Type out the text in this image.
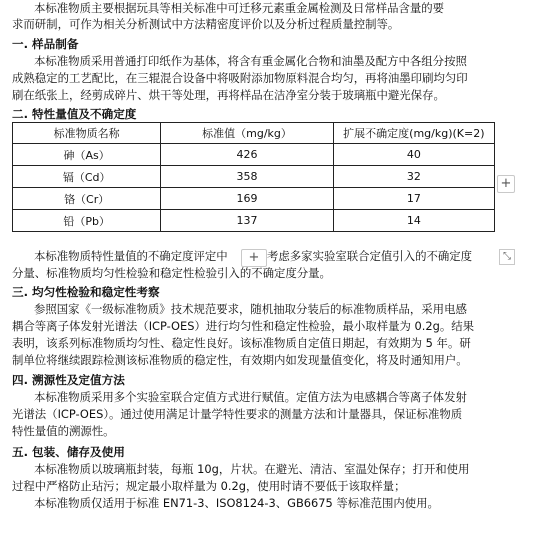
本标准物质主要根据玩具等相关标准中可迁移元素重金属检测及日常样品含量的要
求而研制，可作为相关分析测试中方法精密度评价以及分析过程质量控制等。
一. 样品制备
本标准物质采用普通打印纸作为基体，将含有重金属化合物和油墨及配方中各组分按照
成熟稳定的工艺配比，在三辊混合设备中将吸附添加物原料混合均匀，再将油墨印刷均匀印
刷在纸张上，经剪成碎片、烘干等处理，再将样品在洁净室分装于玻璃瓶中避光保存。
二. 特性量值及不确定度
标准物质名称	标准值（mg/kg）	扩展不确定度(mg/kg)(K=2)
砷（As）	426	40
镉（Cd）	358	32
铬（Cr）	169	17
铅（Pb）	137	14
+
本标准物质特性量值的不确定度评定中	+ 考虑多家实验室联合定值引入的不确定度	⤡
分量、标准物质均匀性检验和稳定性检验引入的不确定度分量。
三. 均匀性检验和稳定性考察
参照国家《一级标准物质》技术规范要求，随机抽取分装后的标准物质样品，采用电感
耦合等离子体发射光谱法（ICP-OES）进行均匀性和稳定性检验，最小取样量为 0.2g。结果
表明，该系列标准物质均匀性、稳定性良好。该标准物质自定值日期起，有效期为 5 年。研
制单位将继续跟踪检测该标准物质的稳定性，有效期内如发现量值变化，将及时通知用户。
四. 溯源性及定值方法
本标准物质采用多个实验室联合定值方式进行赋值。定值方法为电感耦合等离子体发射
光谱法（ICP-OES）。通过使用满足计量学特性要求的测量方法和计量器具，保证标准物质
特性量值的溯源性。
五. 包装、储存及使用
本标准物质以玻璃瓶封装，每瓶 10g，片状。在避光、清洁、室温处保存；打开和使用
过程中严格防止玷污；规定最小取样量为 0.2g，使用时请不要低于该取样量；
本标准物质仅适用于标准 EN71-3、ISO8124-3、GB6675 等标准范围内使用。
